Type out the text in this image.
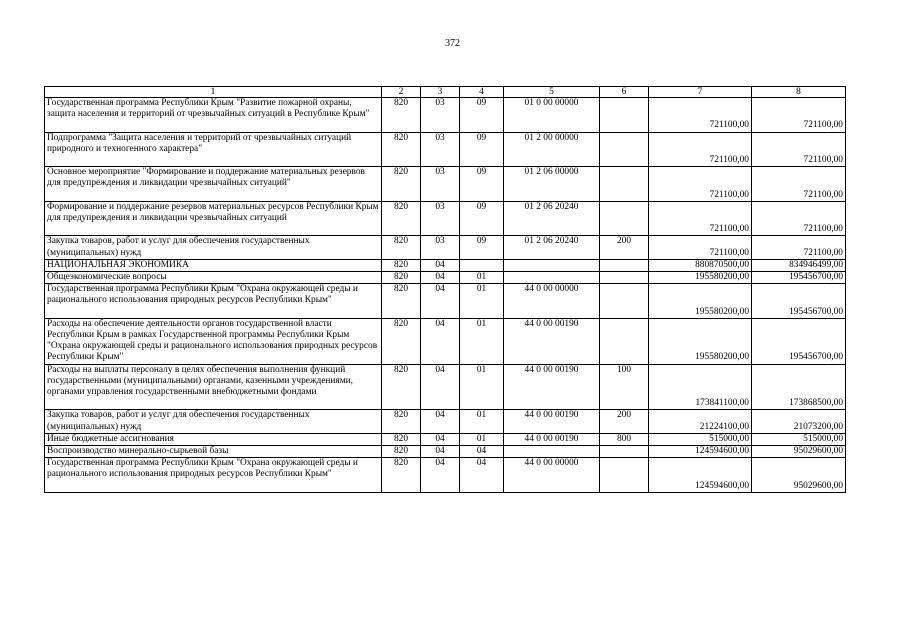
372
1	2	3	4	5	6	7	8
Государственная программа Республики Крым "Развитие пожарной охраны, защита населения и территорий от чрезвычайных ситуаций в Республике Крым"	820	03	09	01 0 00 00000		721100,00	721100,00
Подпрограмма "Защита населения и территорий от чрезвычайных ситуаций природного и техногенного характера"	820	03	09	01 2 00 00000		721100,00	721100,00
Основное мероприятие "Формирование и поддержание материальных резервов для предупреждения и ликвидации чрезвычайных ситуаций"	820	03	09	01 2 06 00000		721100,00	721100,00
Формирование и поддержание резервов материальных ресурсов Республики Крым для предупреждения и ликвидации чрезвычайных ситуаций	820	03	09	01 2 06 20240		721100,00	721100,00
Закупка товаров, работ и услуг для обеспечения государственных (муниципальных) нужд	820	03	09	01 2 06 20240	200	721100,00	721100,00
НАЦИОНАЛЬНАЯ ЭКОНОМИКА	820	04				880870500,00	834946499,00
Общеэкономические вопросы	820	04	01			195580200,00	195456700,00
Государственная программа Республики Крым "Охрана окружающей среды и рационального использования природных ресурсов Республики Крым"	820	04	01	44 0 00 00000		195580200,00	195456700,00
Расходы на обеспечение деятельности органов государственной власти Республики Крым в рамках Государственной программы Республики Крым "Охрана окружающей среды и рационального использования природных ресурсов Республики Крым"	820	04	01	44 0 00 00190		195580200,00	195456700,00
Расходы на выплаты персоналу в целях обеспечения выполнения функций государственными (муниципальными) органами, казенными учреждениями, органами управления государственными внебюджетными фондами	820	04	01	44 0 00 00190	100	173841100,00	173868500,00
Закупка товаров, работ и услуг для обеспечения государственных (муниципальных) нужд	820	04	01	44 0 00 00190	200	21224100,00	21073200,00
Иные бюджетные ассигнования	820	04	01	44 0 00 00190	800	515000,00	515000,00
Воспроизводство минерально-сырьевой базы	820	04	04			124594600,00	95029600,00
Государственная программа Республики Крым "Охрана окружающей среды и рационального использования природных ресурсов Республики Крым"	820	04	04	44 0 00 00000		124594600,00	95029600,00
